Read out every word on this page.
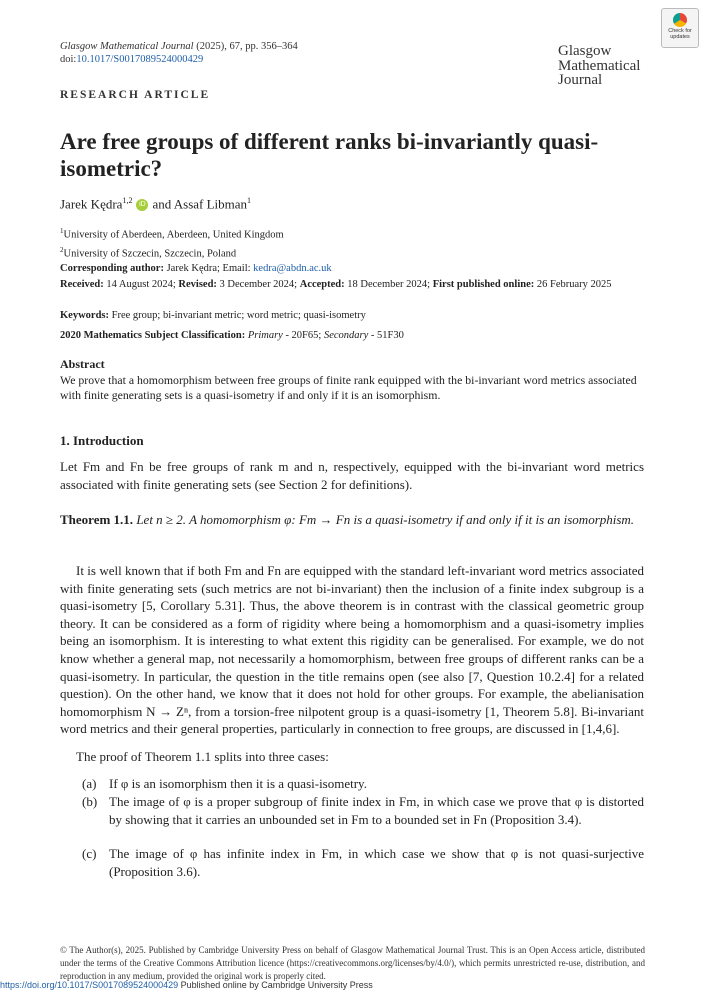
Glasgow Mathematical Journal (2025), 67, pp. 356–364
doi:10.1017/S0017089524000429
Check for
updates
Glasgow
Mathematical
Journal
RESEARCH ARTICLE
Are free groups of different ranks bi-invariantly quasi-isometric?
Jarek Kędra$^{1,2}$ iD and Assaf Libman$^1$
$^1$University of Aberdeen, Aberdeen, United Kingdom
$^2$University of Szczecin, Szczecin, Poland
Corresponding author: Jarek Kędra; Email: kedra@abdn.ac.uk
Received: 14 August 2024; Revised: 3 December 2024; Accepted: 18 December 2024; First published online: 26 February 2025
Keywords: Free group; bi-invariant metric; word metric; quasi-isometry
2020 Mathematics Subject Classification: Primary - 20F65; Secondary - 51F30
Abstract
We prove that a homomorphism between free groups of finite rank equipped with the bi-invariant word metrics associated with finite generating sets is a quasi-isometry if and only if it is an isomorphism.
1. Introduction
Let Fm and Fn be free groups of rank m and n, respectively, equipped with the bi-invariant word metrics associated with finite generating sets (see Section 2 for definitions).
Theorem 1.1. Let n ≥ 2. A homomorphism φ: Fm → Fn is a quasi-isometry if and only if it is an isomorphism.
It is well known that if both Fm and Fn are equipped with the standard left-invariant word metrics associated with finite generating sets (such metrics are not bi-invariant) then the inclusion of a finite index subgroup is a quasi-isometry [5, Corollary 5.31]. Thus, the above theorem is in contrast with the classical geometric group theory. It can be considered as a form of rigidity where being a homomorphism and a quasi-isometry implies being an isomorphism. It is interesting to what extent this rigidity can be generalised. For example, we do not know whether a general map, not necessarily a homomorphism, between free groups of different ranks can be a quasi-isometry. In particular, the question in the title remains open (see also [7, Question 10.2.4] for a related question). On the other hand, we know that it does not hold for other groups. For example, the abelianisation homomorphism N → Zⁿ, from a torsion-free nilpotent group is a quasi-isometry [1, Theorem 5.8]. Bi-invariant word metrics and their general properties, particularly in connection to free groups, are discussed in [1,4,6].
The proof of Theorem 1.1 splits into three cases:
(a) If φ is an isomorphism then it is a quasi-isometry.
(b) The image of φ is a proper subgroup of finite index in Fm, in which case we prove that φ is distorted by showing that it carries an unbounded set in Fm to a bounded set in Fn (Proposition 3.4).
(c) The image of φ has infinite index in Fm, in which case we show that φ is not quasi-surjective (Proposition 3.6).
© The Author(s), 2025. Published by Cambridge University Press on behalf of Glasgow Mathematical Journal Trust. This is an Open Access article, distributed under the terms of the Creative Commons Attribution licence (https://creativecommons.org/licenses/by/4.0/), which permits unrestricted re-use, distribution, and reproduction in any medium, provided the original work is properly cited.
https://doi.org/10.1017/S0017089524000429 Published online by Cambridge University Press
